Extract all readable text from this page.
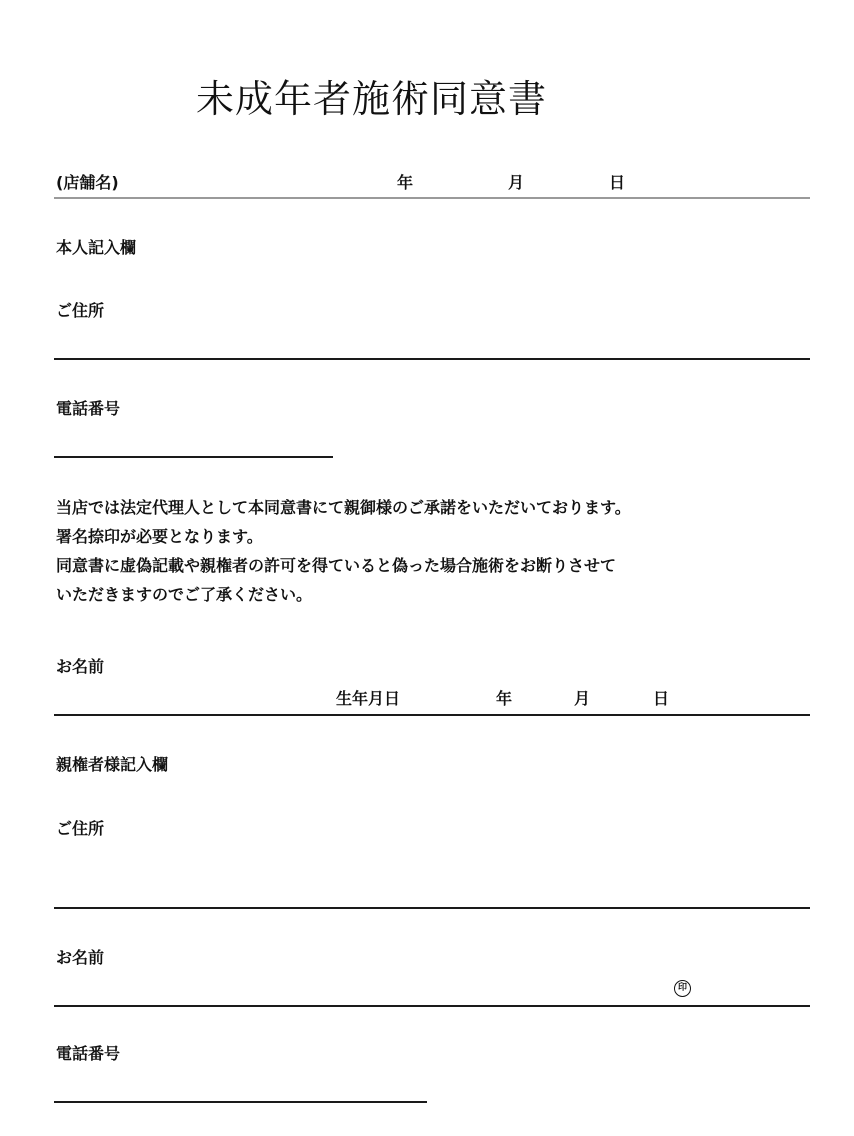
未成年者施術同意書
(店舗名)	年	月	日
本人記入欄
ご住所
電話番号
当店では法定代理人として本同意書にて親御様のご承諾をいただいております。
署名捺印が必要となります。
同意書に虚偽記載や親権者の許可を得ていると偽った場合施術をお断りさせて
いただきますのでご了承ください。
お名前
生年月日	年	月	日
親権者様記入欄
ご住所
お名前
印
電話番号
